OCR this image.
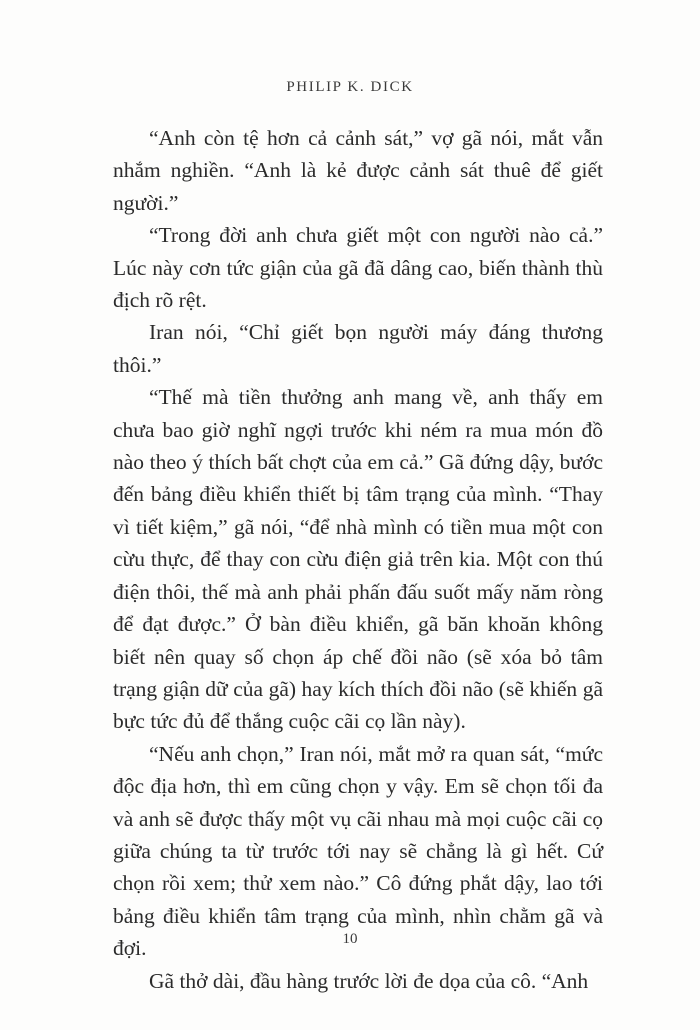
PHILIP K. DICK

“Anh còn tệ hơn cả cảnh sát,” vợ gã nói, mắt vẫn nhắm nghiền. “Anh là kẻ được cảnh sát thuê để giết người.”

“Trong đời anh chưa giết một con người nào cả.” Lúc này cơn tức giận của gã đã dâng cao, biến thành thù địch rõ rệt.

Iran nói, “Chỉ giết bọn người máy đáng thương thôi.”

“Thế mà tiền thưởng anh mang về, anh thấy em chưa bao giờ nghĩ ngợi trước khi ném ra mua món đồ nào theo ý thích bất chợt của em cả.” Gã đứng dậy, bước đến bảng điều khiển thiết bị tâm trạng của mình. “Thay vì tiết kiệm,” gã nói, “để nhà mình có tiền mua một con cừu thực, để thay con cừu điện giả trên kia. Một con thú điện thôi, thế mà anh phải phấn đấu suốt mấy năm ròng để đạt được.” Ở bàn điều khiển, gã băn khoăn không biết nên quay số chọn áp chế đồi não (sẽ xóa bỏ tâm trạng giận dữ của gã) hay kích thích đồi não (sẽ khiến gã bực tức đủ để thắng cuộc cãi cọ lần này).

“Nếu anh chọn,” Iran nói, mắt mở ra quan sát, “mức độc địa hơn, thì em cũng chọn y vậy. Em sẽ chọn tối đa và anh sẽ được thấy một vụ cãi nhau mà mọi cuộc cãi cọ giữa chúng ta từ trước tới nay sẽ chẳng là gì hết. Cứ chọn rồi xem; thử xem nào.” Cô đứng phắt dậy, lao tới bảng điều khiển tâm trạng của mình, nhìn chằm gã và đợi.

Gã thở dài, đầu hàng trước lời đe dọa của cô. “Anh

10
